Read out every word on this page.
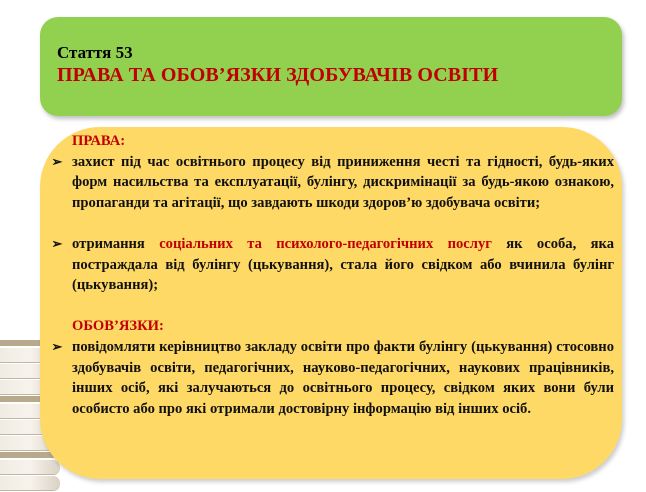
Стаття 53
ПРАВА ТА ОБОВ’ЯЗКИ ЗДОБУВАЧІВ ОСВІТИ
ПРАВА:
➢ захист під час освітнього процесу від приниження честі та гідності, будь-яких форм насильства та експлуатації, булінгу, дискримінації за будь-якою ознакою, пропаганди та агітації, що завдають шкоди здоров’ю здобувача освіти;
➢ отримання соціальних та психолого-педагогічних послуг як особа, яка постраждала від булінгу (цькування), стала його свідком або вчинила булінг (цькування);
ОБОВ’ЯЗКИ:
➢ повідомляти керівництво закладу освіти про факти булінгу (цькування) стосовно здобувачів освіти, педагогічних, науково-педагогічних, наукових працівників, інших осіб, які залучаються до освітнього процесу, свідком яких вони були особисто або про які отримали достовірну інформацію від інших осіб.
